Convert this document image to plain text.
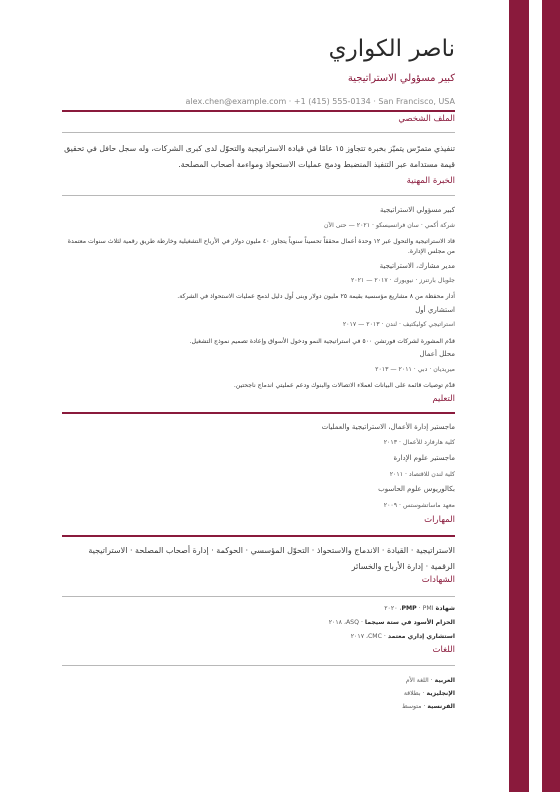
ناصر الكواري
كبير مسؤولي الاستراتيجية
alex.chen@example.com · +1 (415) 555-0134 · San Francisco, USA
الملف الشخصي
تنفيذي متمرّس يتميّز بخبرة تتجاوز ١٥ عامًا في قيادة الاستراتيجية والتحوّل لدى كبرى الشركات، وله سجل حافل في تحقيق قيمة مستدامة عبر التنفيذ المنضبط ودمج عمليات الاستحواذ ومواءمة أصحاب المصلحة.
الخبرة المهنية
كبير مسؤولي الاستراتيجية
شركة أكمي · سان فرانسيسكو · ٢٠٢١ — حتى الآن
قاد الاستراتيجية والتحول عبر ١٢ وحدة أعمال محققاً تحسيناً سنوياً يتجاوز ٤٠ مليون دولار في الأرباح التشغيلية وخارطة طريق رقمية لثلاث سنوات معتمدة من مجلس الإدارة.
مدير مشارك، الاستراتيجية
جلوبال بارتنرز · نيويورك · ٢٠١٧ — ٢٠٢١
أدار محفظة من ٨ مشاريع مؤسسية بقيمة ٢٥ مليون دولار وبنى أول دليل لدمج عمليات الاستحواذ في الشركة.
استشاري أول
استراتيجي كوليكتيف · لندن · ٢٠١٣ — ٢٠١٧
قدّم المشورة لشركات فورتشن ٥٠٠ في استراتيجية النمو ودخول الأسواق وإعادة تصميم نموذج التشغيل.
محلل أعمال
ميريديان · دبي · ٢٠١١ — ٢٠١٣
قدّم توصيات قائمة على البيانات لعملاء الاتصالات والبنوك ودعم عمليتي اندماج ناجحتين.
التعليم
ماجستير إدارة الأعمال، الاستراتيجية والعمليات
كلية هارفارد للأعمال · ٢٠١٣
ماجستير علوم الإدارة
كلية لندن للاقتصاد · ٢٠١١
بكالوريوس علوم الحاسوب
معهد ماساتشوستس · ٢٠٠٩
المهارات
الاستراتيجية · القيادة · الاندماج والاستحواذ · التحوّل المؤسسي · الحوكمة · إدارة أصحاب المصلحة · الاستراتيجية الرقمية · إدارة الأرباح والخسائر
الشهادات
شهادة PMP · PMI، ٢٠٢٠
الحزام الأسود في ستة سيجما · ASQ، ٢٠١٨
استشاري إداري معتمد · CMC، ٢٠١٧
اللغات
العربية · اللغة الأم
الإنجليزية · بطلاقة
الفرنسية · متوسط
